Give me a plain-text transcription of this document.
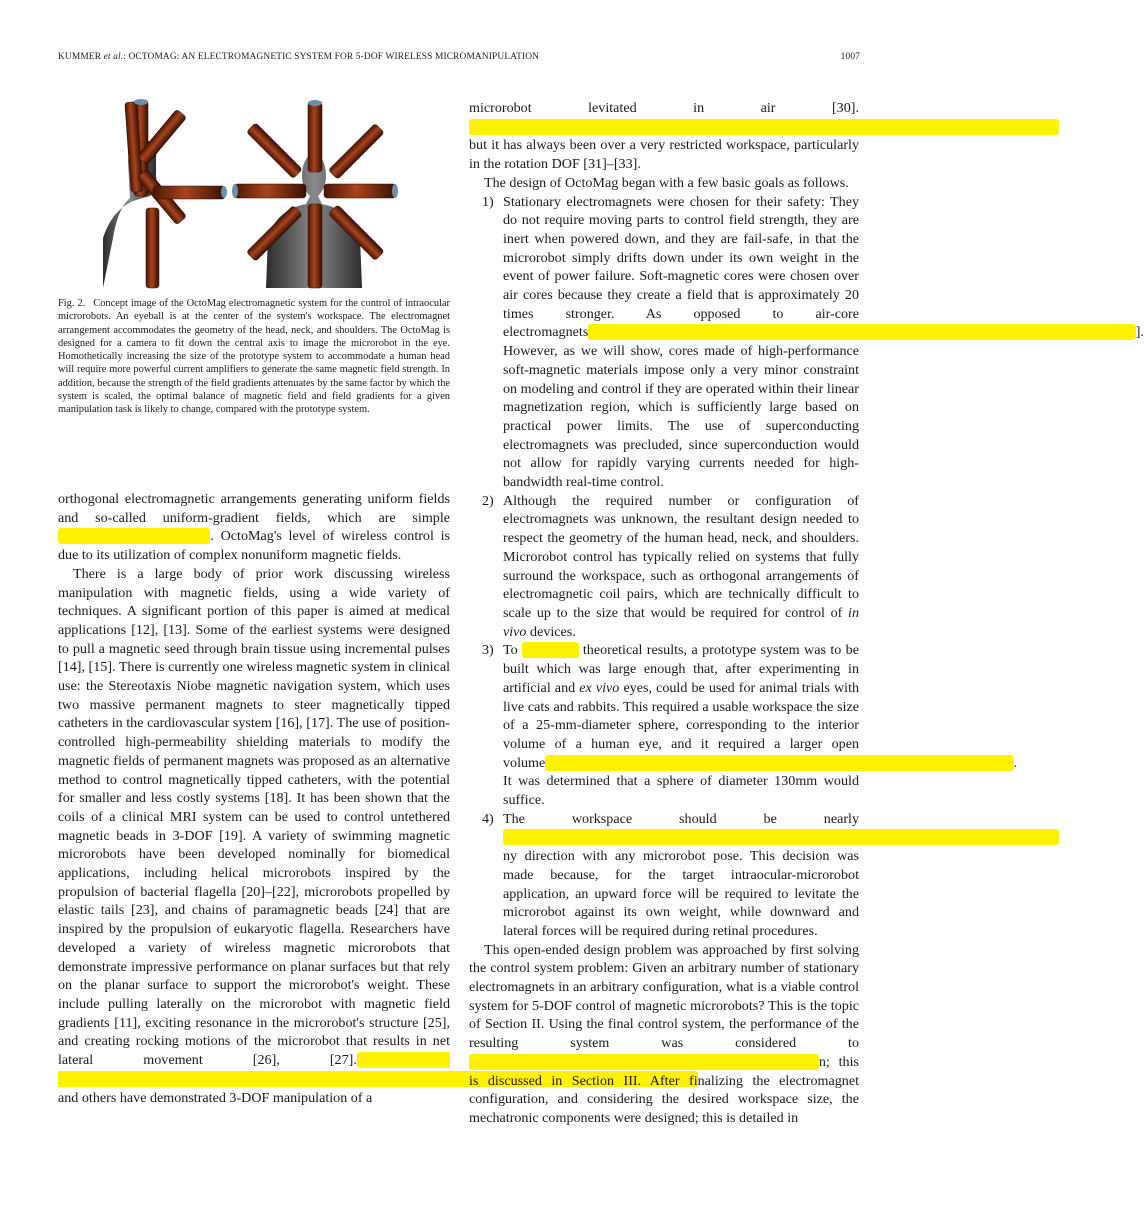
KUMMER et al.: OCTOMAG: AN ELECTROMAGNETIC SYSTEM FOR 5-DOF WIRELESS MICROMANIPULATION	1007
Fig. 2. Concept image of the OctoMag electromagnetic system for the control of intraocular microrobots. An eyeball is at the center of the system's workspace. The electromagnet arrangement accommodates the geometry of the head, neck, and shoulders. The OctoMag is designed for a camera to fit down the central axis to image the microrobot in the eye. Homothetically increasing the size of the prototype system to accommodate a human head will require more powerful current amplifiers to generate the same magnetic field strength. In addition, because the strength of the field gradients attenuates by the same factor by which the system is scaled, the optimal balance of magnetic field and field gradients for a given manipulation task is likely to change, compared with the prototype system.

orthogonal electromagnetic arrangements generating uniform fields and so-called uniform-gradient fields, which are simple                                                       . OctoMag's level of wireless control is due to its utilization of complex nonuniform magnetic fields.

There is a large body of prior work discussing wireless manipulation with magnetic fields, using a wide variety of techniques. A significant portion of this paper is aimed at medical applications [12], [13]. Some of the earliest systems were designed to pull a magnetic seed through brain tissue using incremental pulses [14], [15]. There is currently one wireless magnetic system in clinical use: the Stereotaxis Niobe magnetic navigation system, which uses two massive permanent magnets to steer magnetically tipped catheters in the cardiovascular system [16], [17]. The use of position-controlled high-permeability shielding materials to modify the magnetic fields of permanent magnets was proposed as an alternative method to control magnetically tipped catheters, with the potential for smaller and less costly systems [18]. It has been shown that the coils of a clinical MRI system can be used to control untethered magnetic beads in 3-DOF [19]. A variety of swimming magnetic microrobots have been developed nominally for biomedical applications, including helical microrobots inspired by the propulsion of bacterial flagella [20]–[22], microrobots propelled by elastic tails [23], and chains of paramagnetic beads [24] that are inspired by the propulsion of eukaryotic flagella. Researchers have developed a variety of wireless magnetic microrobots that demonstrate impressive performance on planar surfaces but that rely on the planar surface to support the microrobot's weight. These include pulling laterally on the microrobot with magnetic field gradients [11], exciting resonance in the microrobot's structure [25], and creating rocking motions of the microrobot that results in net lateral movement [26], [27].                                                                                                                                                                                                                                                                      and others have demonstrated 3-DOF manipulation of a

microrobot levitated in air [30].                                                                                                                                                                                                                  but it has always been over a very restricted workspace, particularly in the rotation DOF [31]–[33].

The design of OctoMag began with a few basic goals as follows.

1) Stationary electromagnets were chosen for their safety: They do not require moving parts to control field strength, they are inert when powered down, and they are fail-safe, in that the microrobot simply drifts down under its own weight in the event of power failure. Soft-magnetic cores were chosen over air cores because they create a field that is approximately 20 times stronger. As opposed to air-core electromagnets                                                                                                                                                                                                  	]. However, as we will show, cores made of high-performance soft-magnetic materials impose only a very minor constraint on modeling and control if they are operated within their linear magnetization region, which is sufficiently large based on practical power limits. The use of superconducting electromagnets was precluded, since superconduction would not allow for rapidly varying currents needed for high-bandwidth real-time control.
2) Although the required number or configuration of electromagnets was unknown, the resultant design needed to respect the geometry of the human head, neck, and shoulders. Microrobot control has typically relied on systems that fully surround the workspace, such as orthogonal arrangements of electromagnetic coil pairs, which are technically difficult to scale up to the size that would be required for control of in vivo devices.
3) To                     	theoretical results, a prototype system was to be built which was large enough that, after experimenting in artificial and ex vivo eyes, could be used for animal trials with live cats and rabbits. This required a usable workspace the size of a 25-mm-diameter sphere, corresponding to the interior volume of a human eye, and it required a larger open volume                                                                                                                                                                      	. It was determined that a sphere of diameter 130mm would suffice.
4) The workspace should be nearly                                                                                                                                                                                                      ny direction with any microrobot pose. This decision was made because, for the target intraocular-microrobot application, an upward force will be required to levitate the microrobot against its own weight, while downward and lateral forces will be required during retinal procedures.

This open-ended design problem was approached by first solving the control system problem: Given an arbitrary number of stationary electromagnets in an arbitrary configuration, what is a viable control system for 5-DOF control of magnetic microrobots? This is the topic of Section II. Using the final control system, the performance of the resulting system was considered to                                                                                                                             n; this is discussed in Section III. After finalizing the electromagnet configuration, and considering the desired workspace size, the mechatronic components were designed; this is detailed in
